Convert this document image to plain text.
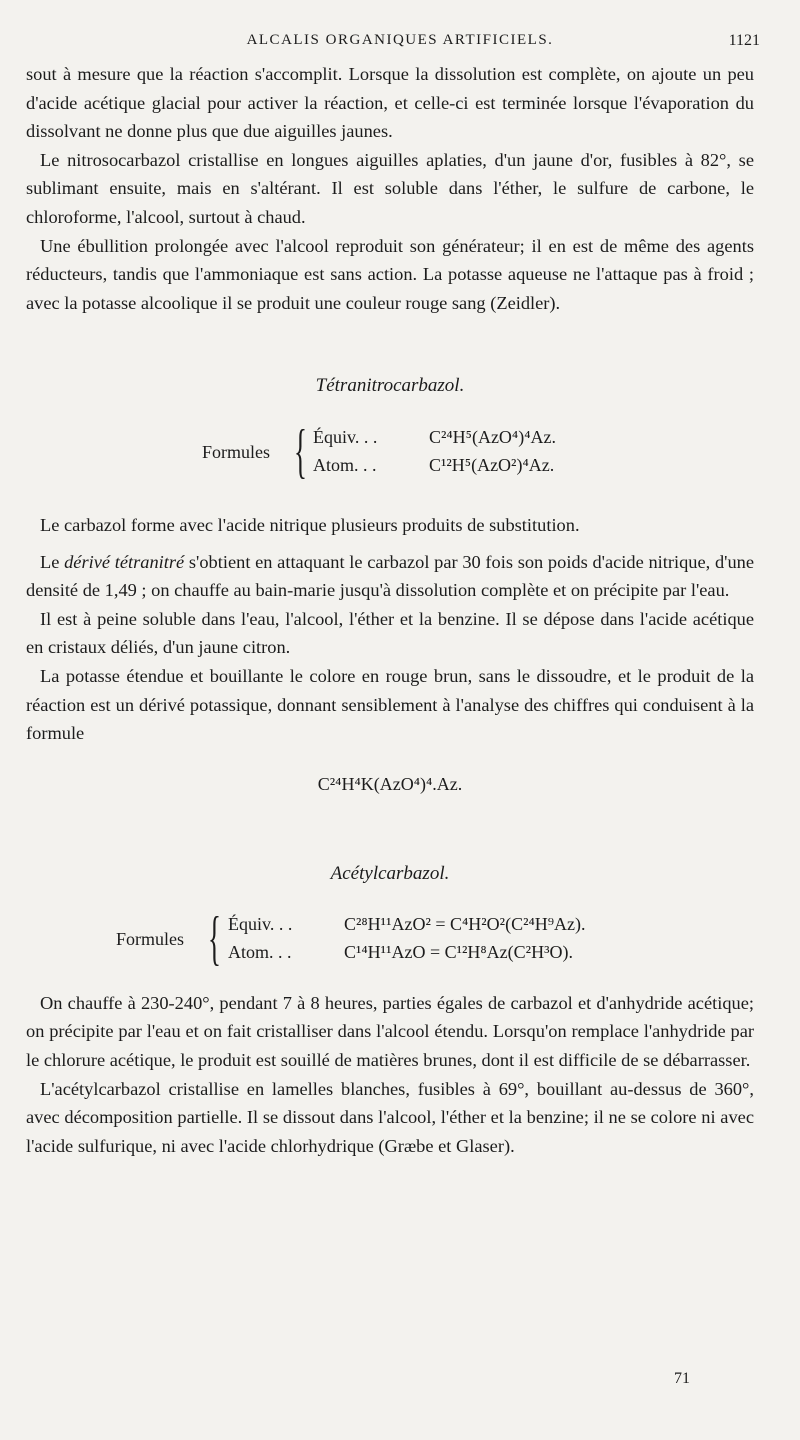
ALCALIS ORGANIQUES ARTIFICIELS.	1121

sout à mesure que la réaction s'accomplit. Lorsque la dissolution est complète, on ajoute un peu d'acide acétique glacial pour activer la réaction, et celle-ci est terminée lorsque l'évaporation du dissolvant ne donne plus que due aiguilles jaunes.

Le nitrosocarbazol cristallise en longues aiguilles aplaties, d'un jaune d'or, fusibles à 82°, se sublimant ensuite, mais en s'altérant. Il est soluble dans l'éther, le sulfure de carbone, le chloroforme, l'alcool, surtout à chaud.

Une ébullition prolongée avec l'alcool reproduit son générateur; il en est de même des agents réducteurs, tandis que l'ammoniaque est sans action. La potasse aqueuse ne l'attaque pas à froid ; avec la potasse alcoolique il se produit une couleur rouge sang (Zeidler).

Tétranitrocarbazol.

Formules { Équiv. . .	C²⁴H⁵(AzO⁴)⁴Az.
Atom. . .	C¹²H⁵(AzO²)⁴Az.

Le carbazol forme avec l'acide nitrique plusieurs produits de substitution.

Le dérivé tétranitré s'obtient en attaquant le carbazol par 30 fois son poids d'acide nitrique, d'une densité de 1,49 ; on chauffe au bain-marie jusqu'à dissolution complète et on précipite par l'eau.

Il est à peine soluble dans l'eau, l'alcool, l'éther et la benzine. Il se dépose dans l'acide acétique en cristaux déliés, d'un jaune citron.

La potasse étendue et bouillante le colore en rouge brun, sans le dissoudre, et le produit de la réaction est un dérivé potassique, donnant sensiblement à l'analyse des chiffres qui conduisent à la formule

C²⁴H⁴K(AzO⁴)⁴.Az.

Acétylcarbazol.

Formules { Équiv. . .	C²⁸H¹¹AzO² = C⁴H²O²(C²⁴H⁹Az).
Atom. . .	C¹⁴H¹¹AzO = C¹²H⁸Az(C²H³O).

On chauffe à 230-240°, pendant 7 à 8 heures, parties égales de carbazol et d'anhydride acétique; on précipite par l'eau et on fait cristalliser dans l'alcool étendu. Lorsqu'on remplace l'anhydride par le chlorure acétique, le produit est souillé de matières brunes, dont il est difficile de se débarrasser.

L'acétylcarbazol cristallise en lamelles blanches, fusibles à 69°, bouillant au-dessus de 360°, avec décomposition partielle. Il se dissout dans l'alcool, l'éther et la benzine; il ne se colore ni avec l'acide sulfurique, ni avec l'acide chlorhydrique (Græbe et Glaser).

71
